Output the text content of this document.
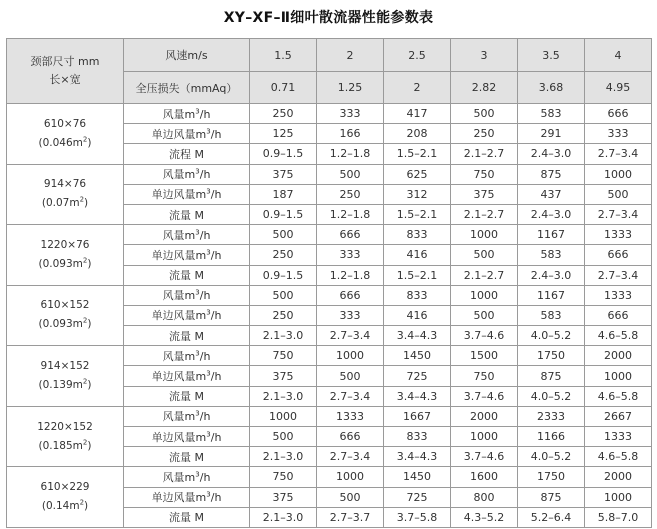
XY–XF–Ⅱ细叶散流器性能参数表
颈部尺寸 mm
长×宽	风速m/s	1.5	2	2.5	3	3.5	4
	全压损失（mmAq）	0.71	1.25	2	2.82	3.68	4.95

610×76
$(0.046m^2)$	风量$m^3/h$	250	333	417	500	583	666
	单边风量$m^3/h$	125	166	208	250	291	333
	流程 M	0.9–1.5	1.2–1.8	1.5–2.1	2.1–2.7	2.4–3.0	2.7–3.4

914×76
$(0.07m^2)$	风量$m^3/h$	375	500	625	750	875	1000
	单边风量$m^3/h$	187	250	312	375	437	500
	流量 M	0.9–1.5	1.2–1.8	1.5–2.1	2.1–2.7	2.4–3.0	2.7–3.4

1220×76
$(0.093m^2)$	风量$m^3/h$	500	666	833	1000	1167	1333
	单边风量$m^3/h$	250	333	416	500	583	666
	流量 M	0.9–1.5	1.2–1.8	1.5–2.1	2.1–2.7	2.4–3.0	2.7–3.4

610×152
$(0.093m^2)$	风量$m^3/h$	500	666	833	1000	1167	1333
	单边风量$m^3/h$	250	333	416	500	583	666
	流量 M	2.1–3.0	2.7–3.4	3.4–4.3	3.7–4.6	4.0–5.2	4.6–5.8

914×152
$(0.139m^2)$	风量$m^3/h$	750	1000	1450	1500	1750	2000
	单边风量$m^3/h$	375	500	725	750	875	1000
	流量 M	2.1–3.0	2.7–3.4	3.4–4.3	3.7–4.6	4.0–5.2	4.6–5.8

1220×152
$(0.185m^2)$	风量$m^3/h$	1000	1333	1667	2000	2333	2667
	单边风量$m^3/h$	500	666	833	1000	1166	1333
	流量 M	2.1–3.0	2.7–3.4	3.4–4.3	3.7–4.6	4.0–5.2	4.6–5.8

610×229
$(0.14m^2)$	风量$m^3/h$	750	1000	1450	1600	1750	2000
	单边风量$m^3/h$	375	500	725	800	875	1000
	流量 M	2.1–3.0	2.7–3.7	3.7–5.8	4.3–5.2	5.2–6.4	5.8–7.0
